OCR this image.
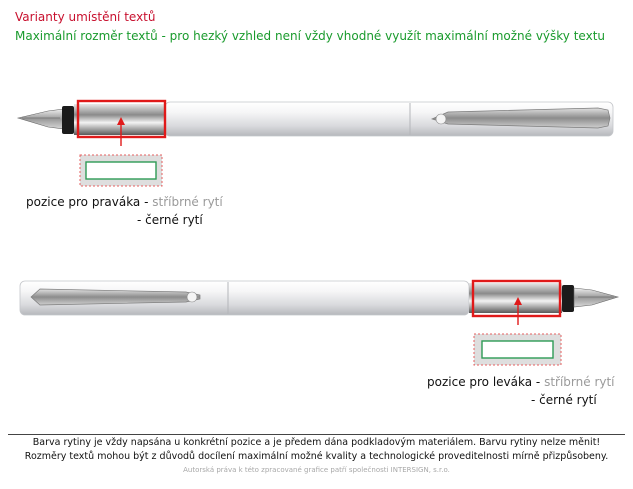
Varianty umístění textů
Maximální rozměr textů - pro hezký vzhled není vždy vhodné využít maximální možné výšky textu
pozice pro praváka - stříbrné rytí
- černé rytí
pozice pro leváka - stříbrné rytí
- černé rytí
Barva rytiny je vždy napsána u konkrétní pozice a je předem dána podkladovým materiálem. Barvu rytiny nelze měnit!
Rozměry textů mohou být z důvodů docílení maximální možné kvality a technologické proveditelnosti mírně přizpůsobeny.
Autorská práva k této zpracované grafice patří společnosti INTERSIGN, s.r.o.
